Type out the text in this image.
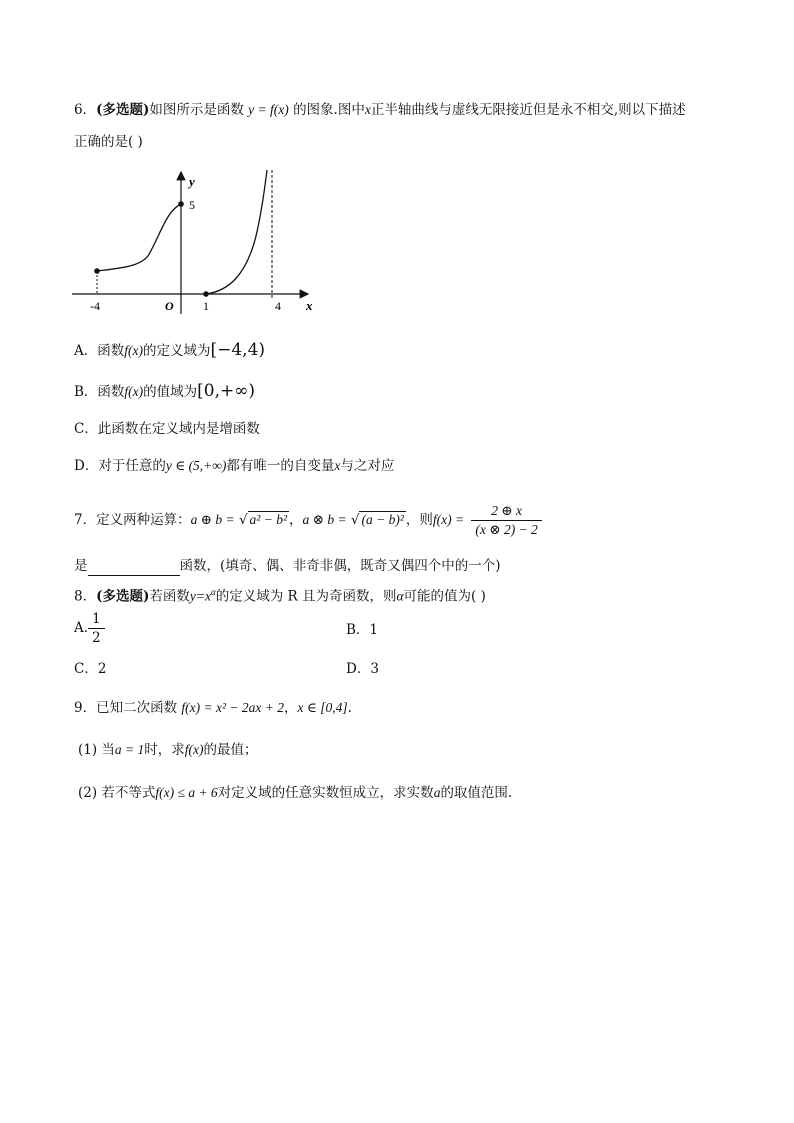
6．(多选题)如图所示是函数 y = f(x) 的图象.图中x正半轴曲线与虚线无限接近但是永不相交,则以下描述
正确的是( )
y
5
-4	O 1	4 x
A．函数f(x)的定义域为[−4,4)
B．函数f(x)的值域为[0,+∞)
C．此函数在定义域内是增函数
D．对于任意的y ∈ (5,+∞)都有唯一的自变量x与之对应
7．定义两种运算：a ⊕ b = √ a² − b² ，a ⊗ b = √ (a − b)² ，则$f(x) = \frac{2 \oplus x}{(x \otimes 2) - 2}$
是	函数，(填奇、偶、非奇非偶，既奇又偶四个中的一个)
8．(多选题)若函数$y=x^\alpha$的定义域为 R 且为奇函数，则α可能的值为( )
A. $\frac{1}{2}$	B．1
C．2	D．3
9．已知二次函数 f(x) = x² − 2ax + 2，x ∈ [0,4].
(1) 当a = 1时，求f(x)的最值；
(2) 若不等式f(x) ≤ a + 6对定义域的任意实数恒成立，求实数a的取值范围.
